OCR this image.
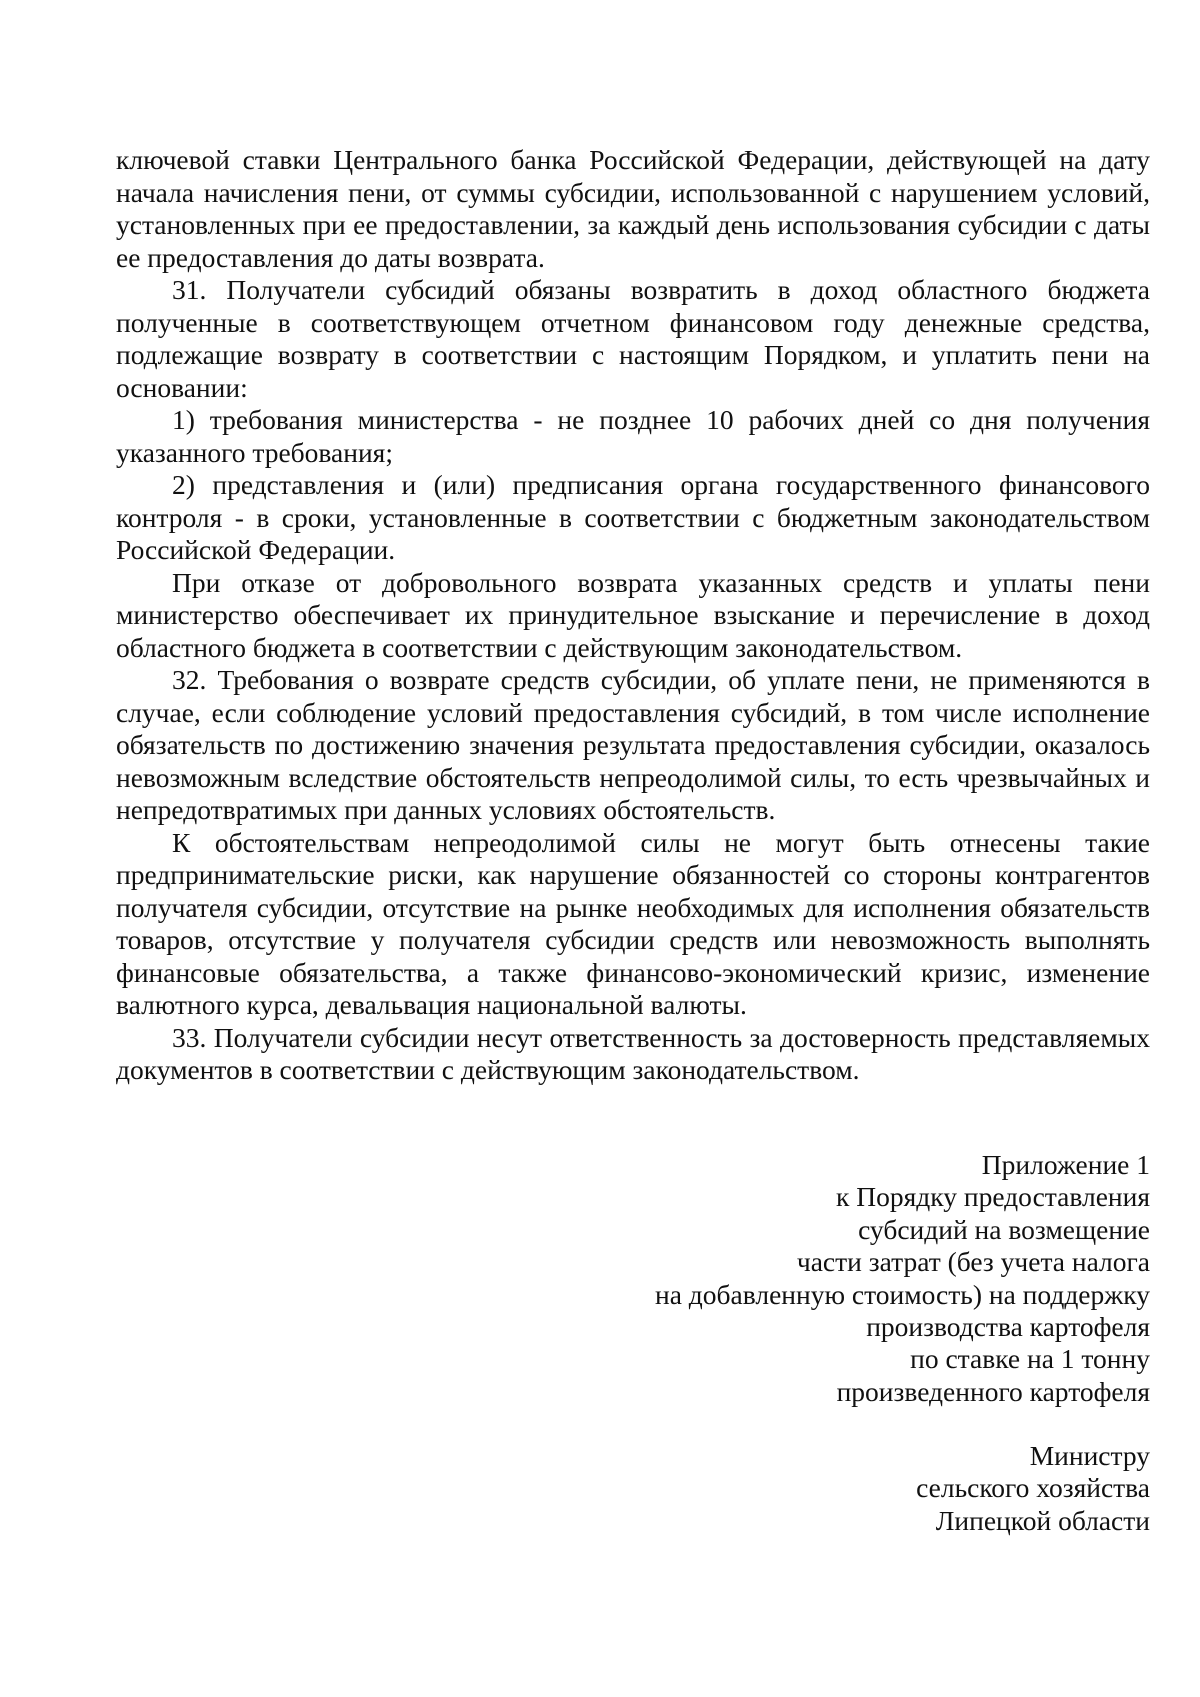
ключевой ставки Центрального банка Российской Федерации, действующей на дату начала начисления пени, от суммы субсидии, использованной с нарушением условий, установленных при ее предоставлении, за каждый день использования субсидии с даты ее предоставления до даты возврата.

31. Получатели субсидий обязаны возвратить в доход областного бюджета полученные в соответствующем отчетном финансовом году денежные средства, подлежащие возврату в соответствии с настоящим Порядком, и уплатить пени на основании:

1) требования министерства - не позднее 10 рабочих дней со дня получения указанного требования;

2) представления и (или) предписания органа государственного финансового контроля - в сроки, установленные в соответствии с бюджетным законодательством Российской Федерации.

При отказе от добровольного возврата указанных средств и уплаты пени министерство обеспечивает их принудительное взыскание и перечисление в доход областного бюджета в соответствии с действующим законодательством.

32. Требования о возврате средств субсидии, об уплате пени, не применяются в случае, если соблюдение условий предоставления субсидий, в том числе исполнение обязательств по достижению значения результата предоставления субсидии, оказалось невозможным вследствие обстоятельств непреодолимой силы, то есть чрезвычайных и непредотвратимых при данных условиях обстоятельств.

К обстоятельствам непреодолимой силы не могут быть отнесены такие предпринимательские риски, как нарушение обязанностей со стороны контрагентов получателя субсидии, отсутствие на рынке необходимых для исполнения обязательств товаров, отсутствие у получателя субсидии средств или невозможность выполнять финансовые обязательства, а также финансово-экономический кризис, изменение валютного курса, девальвация национальной валюты.

33. Получатели субсидии несут ответственность за достоверность представляемых документов в соответствии с действующим законодательством.

Приложение 1
к Порядку предоставления
субсидий на возмещение
части затрат (без учета налога
на добавленную стоимость) на поддержку
производства картофеля
по ставке на 1 тонну
произведенного картофеля
Министру
сельского хозяйства
Липецкой области
